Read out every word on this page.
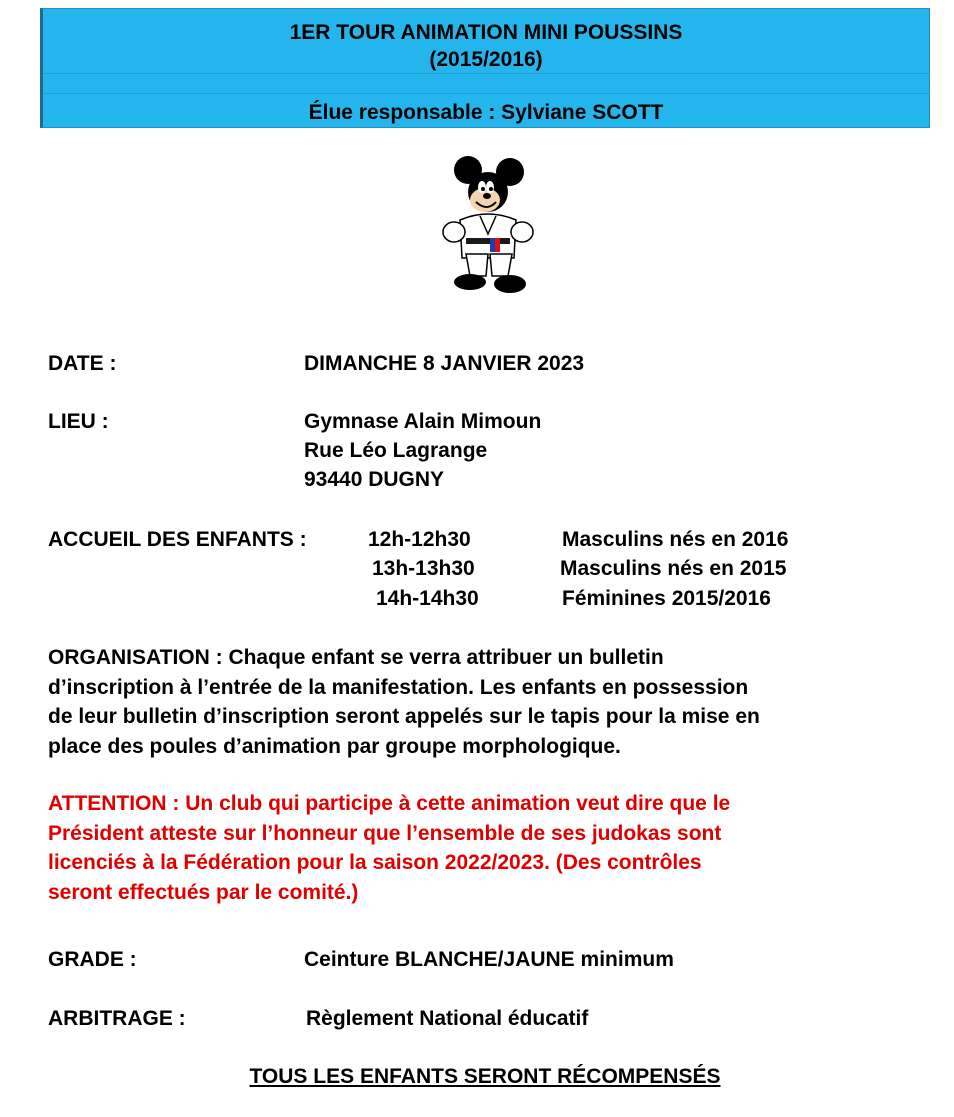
1ER TOUR ANIMATION MINI POUSSINS
(2015/2016)
Élue responsable : Sylviane SCOTT
DATE :	DIMANCHE 8 JANVIER 2023
LIEU :	Gymnase Alain Mimoun
Rue Léo Lagrange
93440 DUGNY
ACCUEIL DES ENFANTS :	12h-12h30	Masculins nés en 2016
13h-13h30	Masculins nés en 2015
14h-14h30	Féminines 2015/2016
ORGANISATION : Chaque enfant se verra attribuer un bulletin
d’inscription à l’entrée de la manifestation. Les enfants en possession
de leur bulletin d’inscription seront appelés sur le tapis pour la mise en
place des poules d’animation par groupe morphologique.
ATTENTION : Un club qui participe à cette animation veut dire que le
Président atteste sur l’honneur que l’ensemble de ses judokas sont
licenciés à la Fédération pour la saison 2022/2023. (Des contrôles
seront effectués par le comité.)
GRADE :	Ceinture BLANCHE/JAUNE minimum
ARBITRAGE :	Règlement National éducatif
TOUS LES ENFANTS SERONT RÉCOMPENSÉS
